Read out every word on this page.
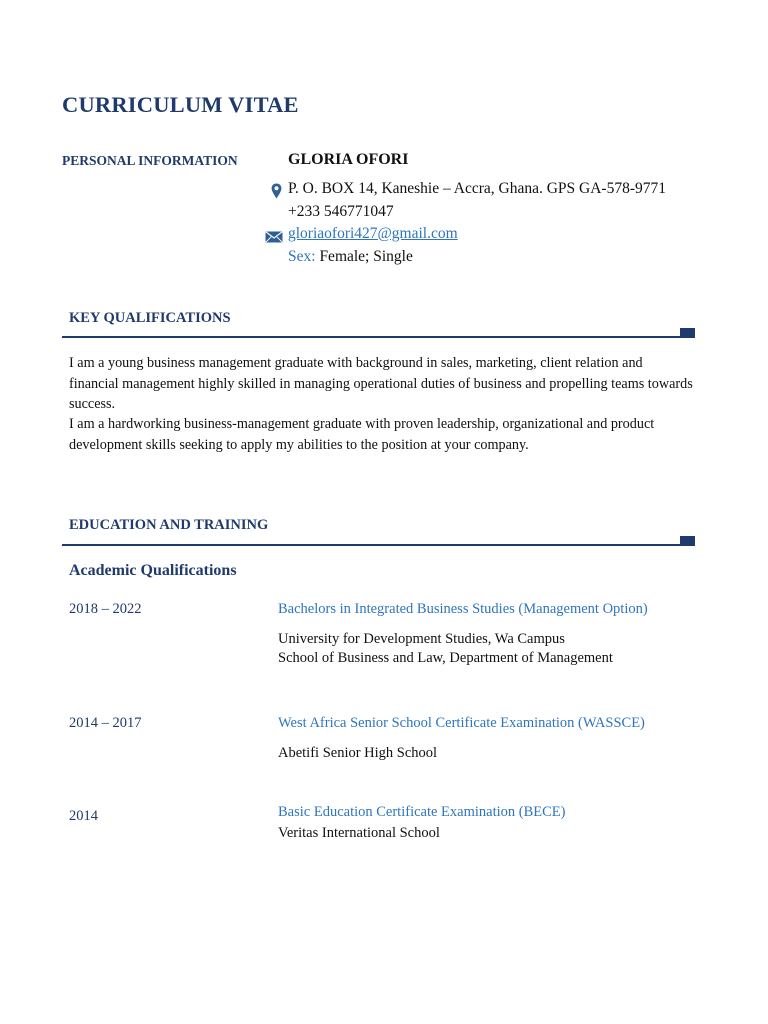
CURRICULUM VITAE
PERSONAL INFORMATION	GLORIA OFORI
P. O. BOX 14, Kaneshie – Accra, Ghana. GPS GA-578-9771
+233 546771047
gloriaofori427@gmail.com
Sex: Female; Single
KEY QUALIFICATIONS
I am a young business management graduate with background in sales, marketing, client relation and financial management highly skilled in managing operational duties of business and propelling teams towards success.
I am a hardworking business-management graduate with proven leadership, organizational and product development skills seeking to apply my abilities to the position at your company.
EDUCATION AND TRAINING
Academic Qualifications
2018 – 2022	Bachelors in Integrated Business Studies (Management Option)
University for Development Studies, Wa Campus
School of Business and Law, Department of Management
2014 – 2017	West Africa Senior School Certificate Examination (WASSCE)
Abetifi Senior High School
2014	Basic Education Certificate Examination (BECE)
Veritas International School
